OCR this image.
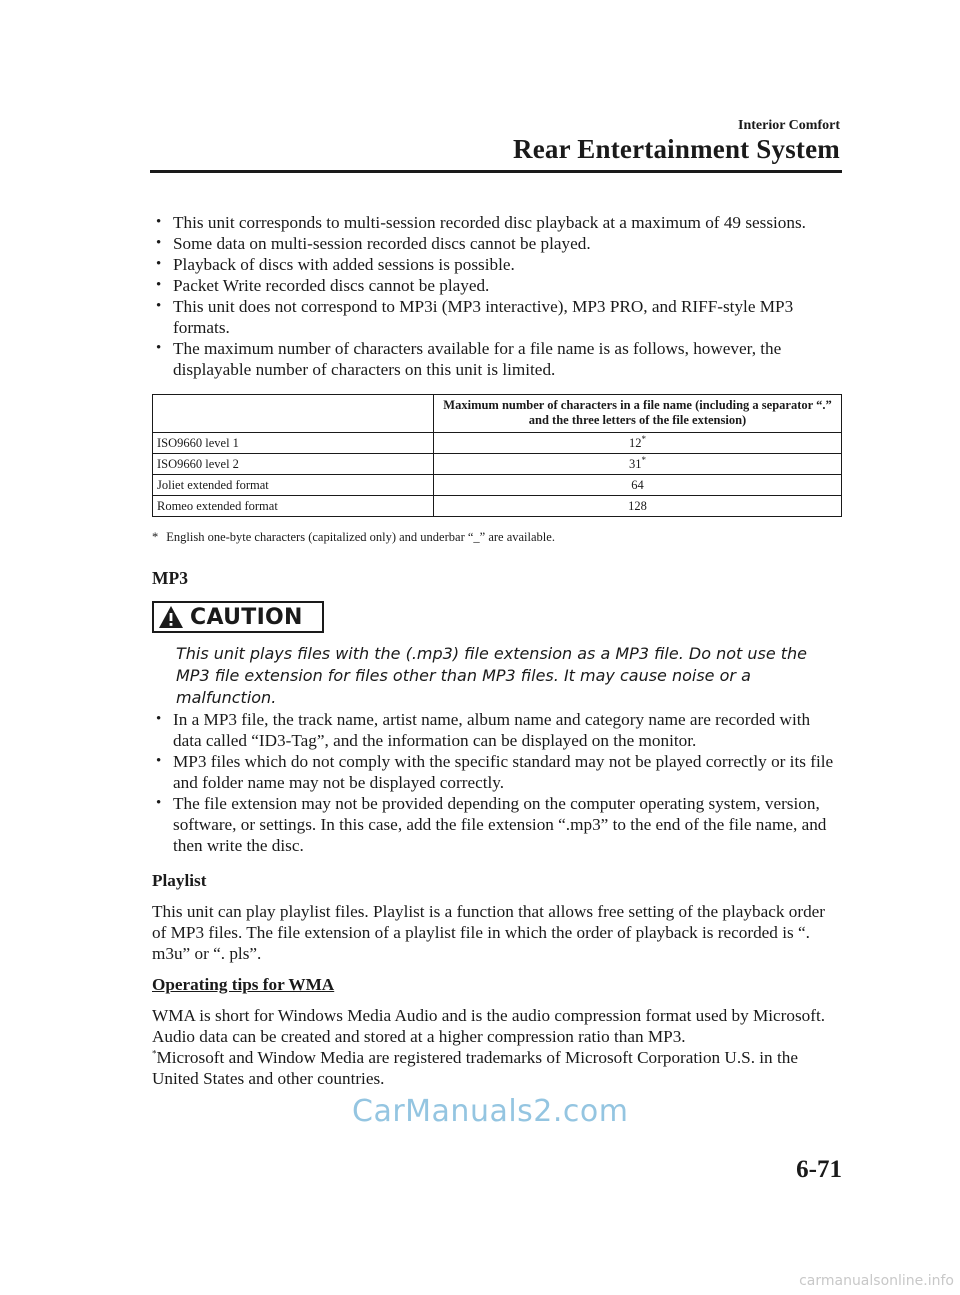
Interior Comfort
Rear Entertainment System
• This unit corresponds to multi-session recorded disc playback at a maximum of 49 sessions.
• Some data on multi-session recorded discs cannot be played.
• Playback of discs with added sessions is possible.
• Packet Write recorded discs cannot be played.
• This unit does not correspond to MP3i (MP3 interactive), MP3 PRO, and RIFF-style MP3 formats.
• The maximum number of characters available for a file name is as follows, however, the displayable number of characters on this unit is limited.
	Maximum number of characters in a file name (including a separator “.” and the three letters of the file extension)
ISO9660 level 1	12*
ISO9660 level 2	31*
Joliet extended format	64
Romeo extended format	128
* English one-byte characters (capitalized only) and underbar “_” are available.
MP3
CAUTION
This unit plays files with the (.mp3) file extension as a MP3 file. Do not use the MP3 file extension for files other than MP3 files. It may cause noise or a malfunction.
• In a MP3 file, the track name, artist name, album name and category name are recorded with data called “ID3-Tag”, and the information can be displayed on the monitor.
• MP3 files which do not comply with the specific standard may not be played correctly or its file and folder name may not be displayed correctly.
• The file extension may not be provided depending on the computer operating system, version, software, or settings. In this case, add the file extension “.mp3” to the end of the file name, and then write the disc.
Playlist
This unit can play playlist files. Playlist is a function that allows free setting of the playback order of MP3 files. The file extension of a playlist file in which the order of playback is recorded is “. m3u” or “. pls”.
Operating tips for WMA
WMA is short for Windows Media Audio and is the audio compression format used by Microsoft.
Audio data can be created and stored at a higher compression ratio than MP3.
*Microsoft and Window Media are registered trademarks of Microsoft Corporation U.S. in the United States and other countries.
6-71
CarManuals2.com
carmanualsonline.info
